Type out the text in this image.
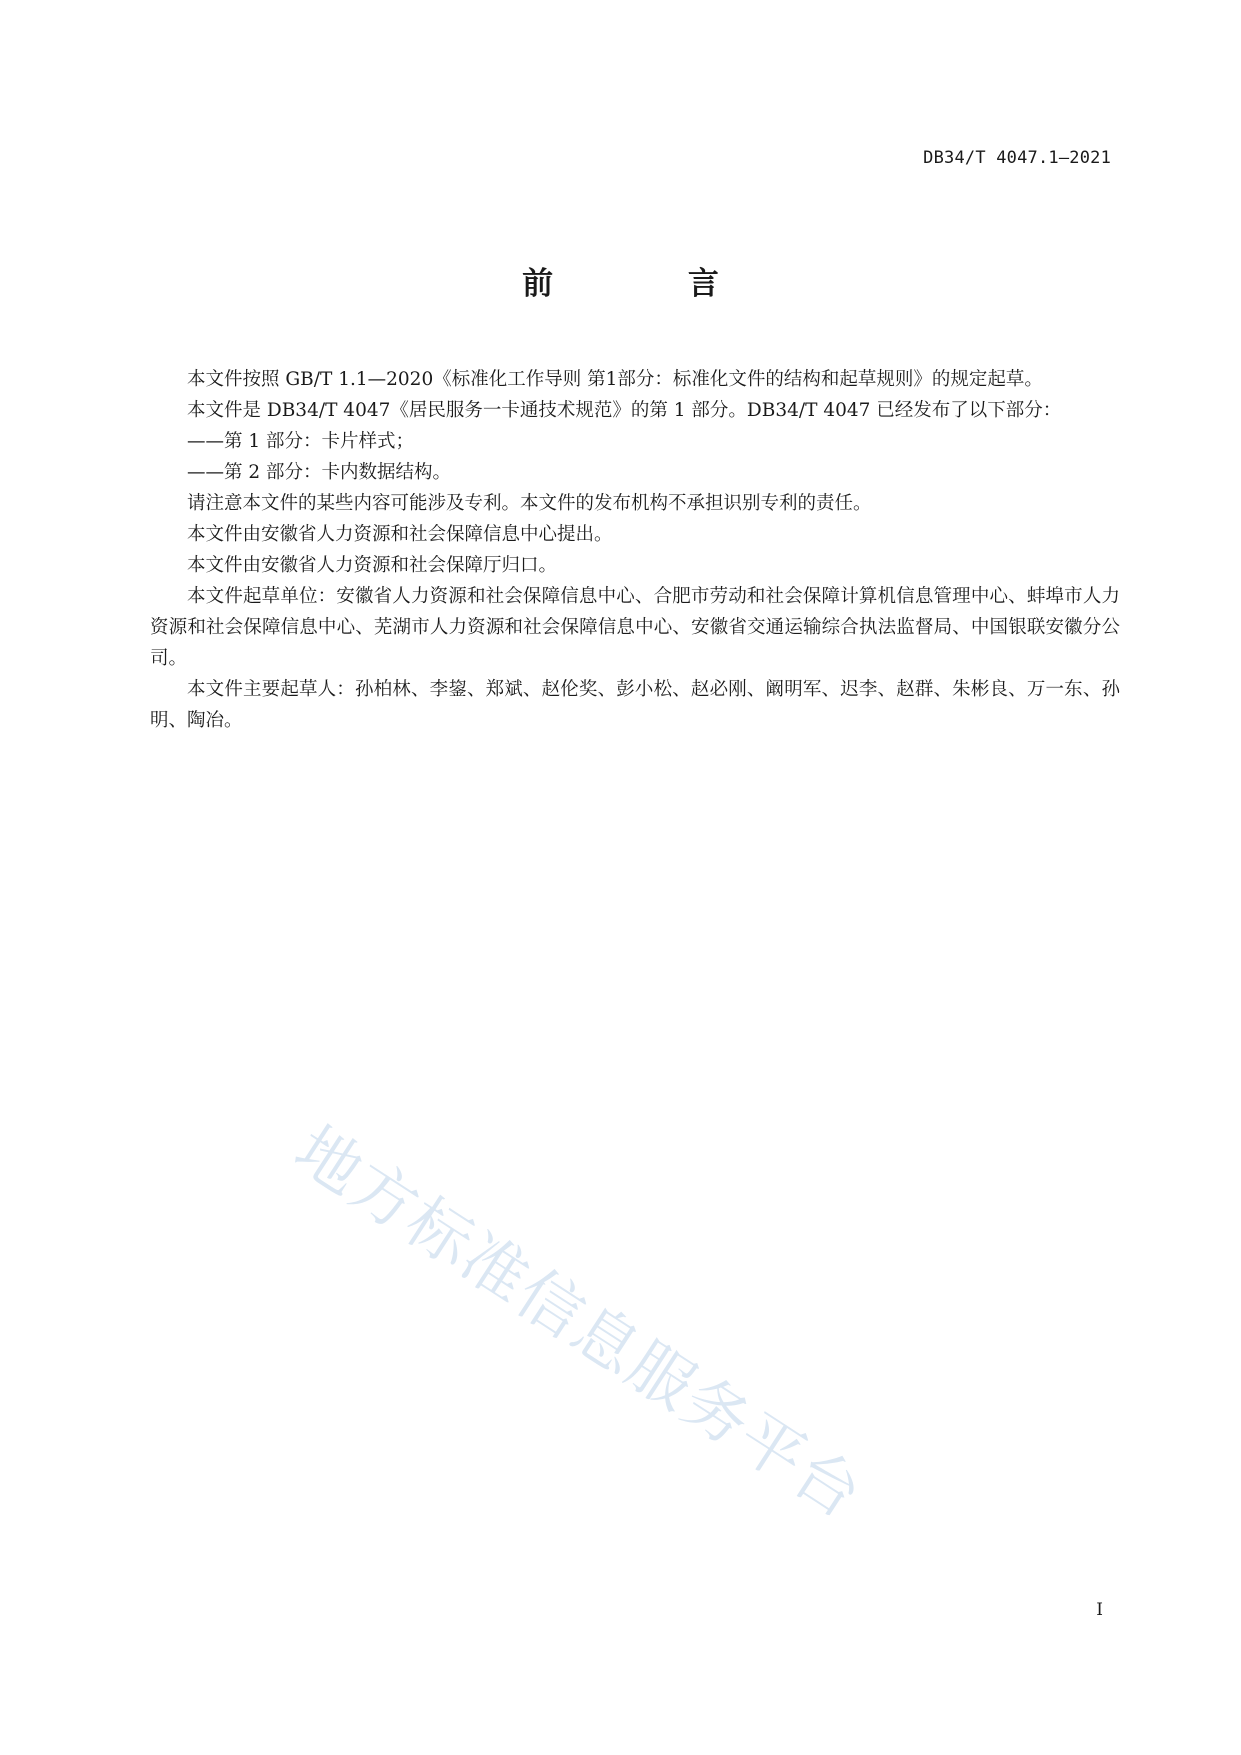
DB34/T 4047.1—2021
前 言

本文件按照 GB/T 1.1—2020《标准化工作导则 第1部分：标准化文件的结构和起草规则》的规定起草。

本文件是 DB34/T 4047《居民服务一卡通技术规范》的第 1 部分。DB34/T 4047 已经发布了以下部分：

——第 1 部分：卡片样式；

——第 2 部分：卡内数据结构。

请注意本文件的某些内容可能涉及专利。本文件的发布机构不承担识别专利的责任。

本文件由安徽省人力资源和社会保障信息中心提出。

本文件由安徽省人力资源和社会保障厅归口。

本文件起草单位：安徽省人力资源和社会保障信息中心、合肥市劳动和社会保障计算机信息管理中心、蚌埠市人力资源和社会保障信息中心、芜湖市人力资源和社会保障信息中心、安徽省交通运输综合执法监督局、中国银联安徽分公司。

本文件主要起草人：孙柏林、李鋆、郑斌、赵伦奖、彭小松、赵必刚、阚明军、迟李、赵群、朱彬良、万一东、孙明、陶冶。

地方标准信息服务平台
I
